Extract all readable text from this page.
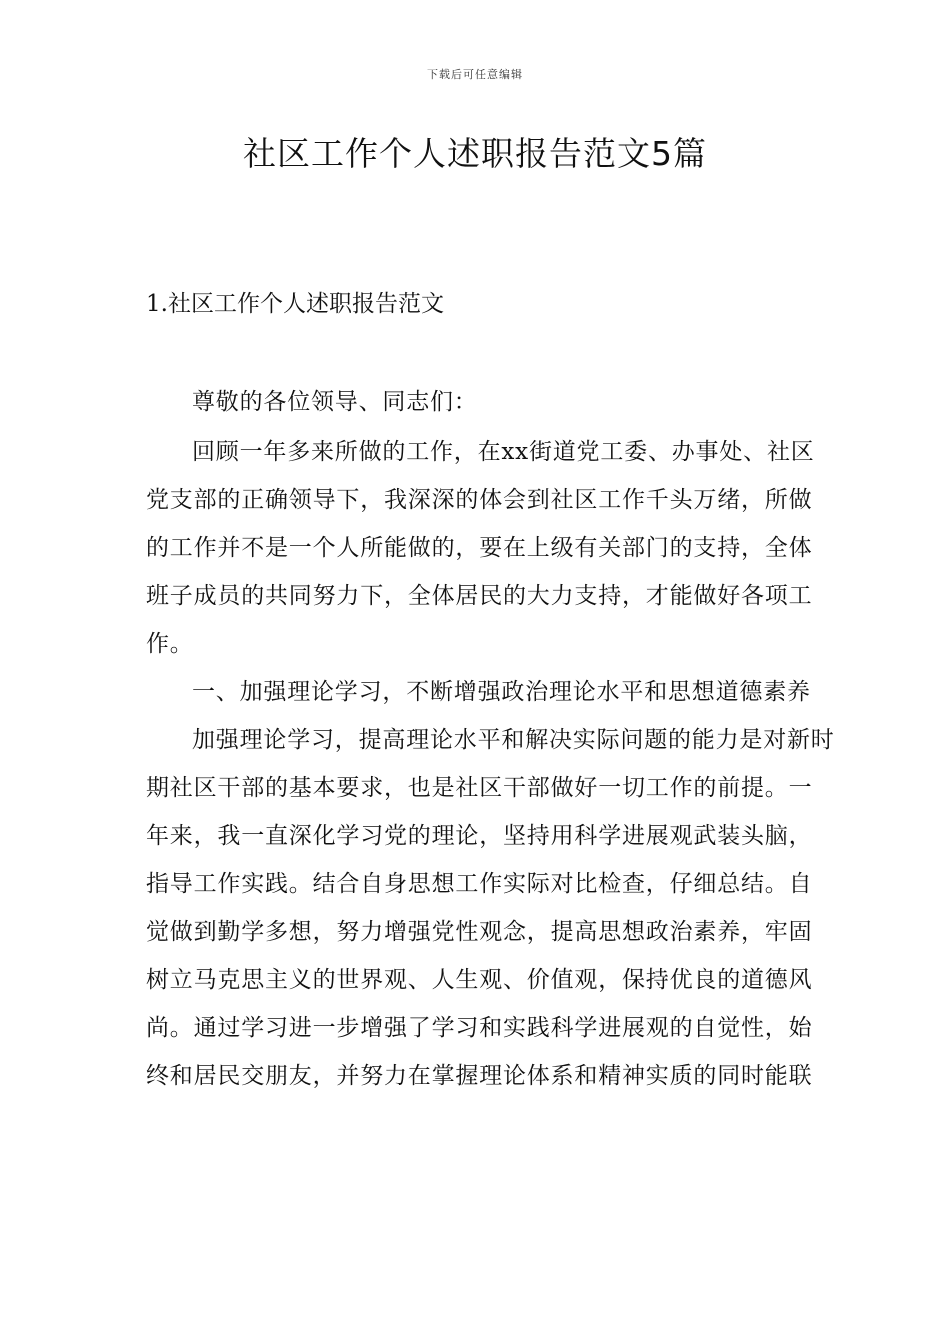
下载后可任意编辑
社区工作个人述职报告范文5篇
1.社区工作个人述职报告范文

尊敬的各位领导、同志们：

回顾一年多来所做的工作，在xx街道党工委、办事处、社区党支部的正确领导下，我深深的体会到社区工作千头万绪，所做的工作并不是一个人所能做的，要在上级有关部门的支持，全体班子成员的共同努力下，全体居民的大力支持，才能做好各项工作。

一、加强理论学习，不断增强政治理论水平和思想道德素养

加强理论学习，提高理论水平和解决实际问题的能力是对新时期社区干部的基本要求，也是社区干部做好一切工作的前提。一年来，我一直深化学习党的理论，坚持用科学进展观武装头脑，指导工作实践。结合自身思想工作实际对比检查，仔细总结。自觉做到勤学多想，努力增强党性观念，提高思想政治素养，牢固树立马克思主义的世界观、人生观、价值观，保持优良的道德风尚。通过学习进一步增强了学习和实践科学进展观的自觉性，始终和居民交朋友，并努力在掌握理论体系和精神实质的同时能联
